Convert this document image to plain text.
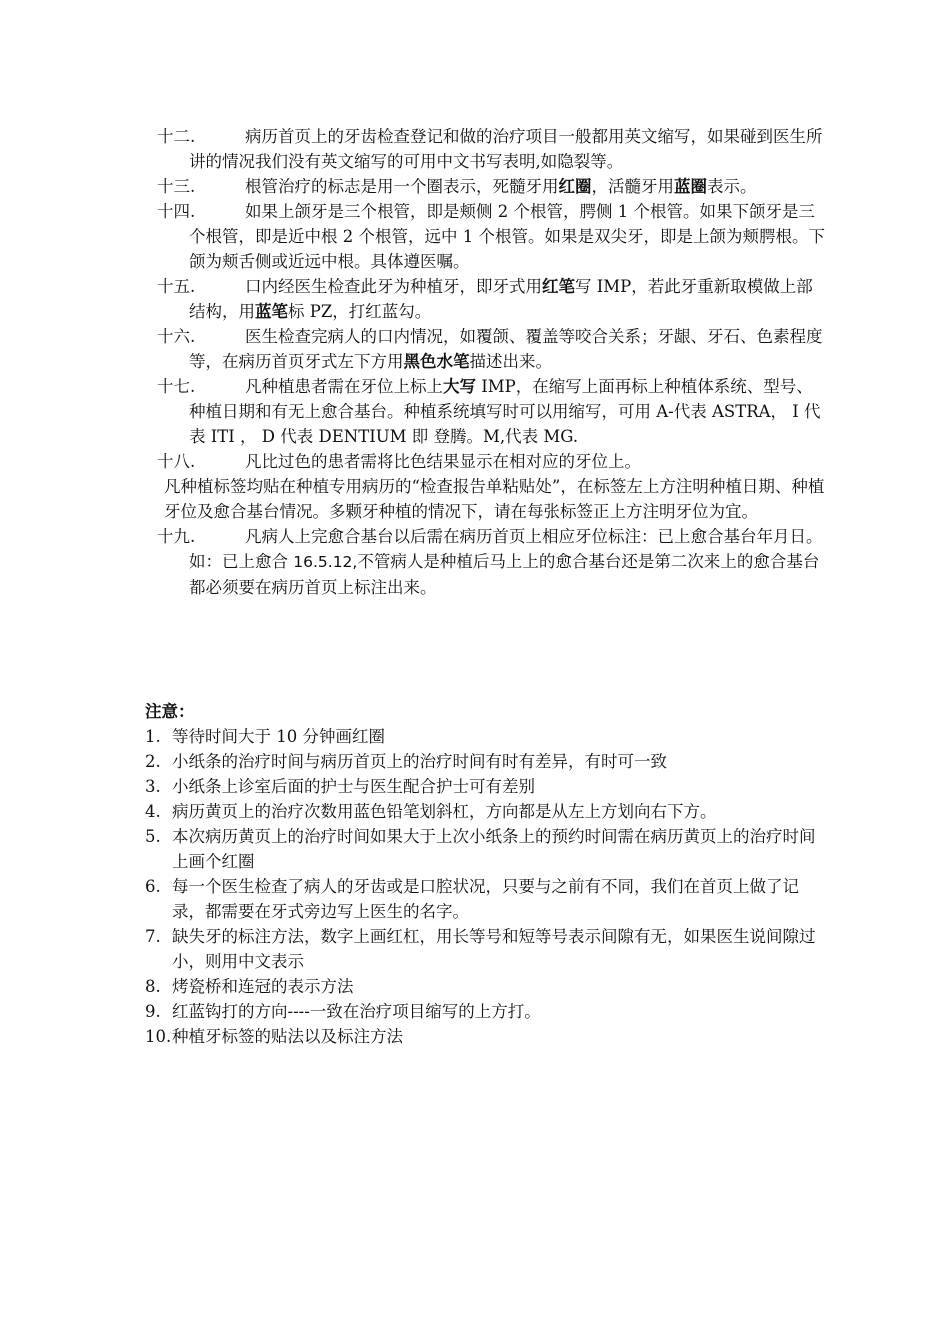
十二.	病历首页上的牙齿检查登记和做的治疗项目一般都用英文缩写，如果碰到医生所讲的情况我们没有英文缩写的可用中文书写表明,如隐裂等。
十三.	根管治疗的标志是用一个圈表示，死髓牙用红圈，活髓牙用蓝圈表示。
十四.	如果上颌牙是三个根管，即是颊侧 2 个根管，腭侧 1 个根管。如果下颌牙是三个根管，即是近中根 2 个根管，远中 1 个根管。如果是双尖牙，即是上颌为颊腭根。下颌为颊舌侧或近远中根。具体遵医嘱。
十五.	口内经医生检查此牙为种植牙，即牙式用红笔写 IMP，若此牙重新取模做上部结构，用蓝笔标 PZ，打红蓝勾。
十六.	医生检查完病人的口内情况，如覆颌、覆盖等咬合关系；牙龈、牙石、色素程度等，在病历首页牙式左下方用黑色水笔描述出来。
十七.	凡种植患者需在牙位上标上大写 IMP，在缩写上面再标上种植体系统、型号、种植日期和有无上愈合基台。种植系统填写时可以用缩写，可用 A-代表 ASTRA， I 代表 ITI ， D 代表 DENTIUM 即 登腾。M,代表 MG.
十八.	凡比过色的患者需将比色结果显示在相对应的牙位上。
凡种植标签均贴在种植专用病历的“检查报告单粘贴处”，在标签左上方注明种植日期、种植牙位及愈合基台情况。多颗牙种植的情况下，请在每张标签正上方注明牙位为宜。
十九.	凡病人上完愈合基台以后需在病历首页上相应牙位标注：已上愈合基台年月日。如：已上愈合 16.5.12,不管病人是种植后马上上的愈合基台还是第二次来上的愈合基台都必须要在病历首页上标注出来。
注意：
1. 等待时间大于 10 分钟画红圈
2. 小纸条的治疗时间与病历首页上的治疗时间有时有差异，有时可一致
3. 小纸条上诊室后面的护士与医生配合护士可有差别
4. 病历黄页上的治疗次数用蓝色铅笔划斜杠，方向都是从左上方划向右下方。
5. 本次病历黄页上的治疗时间如果大于上次小纸条上的预约时间需在病历黄页上的治疗时间上画个红圈
6. 每一个医生检查了病人的牙齿或是口腔状况，只要与之前有不同，我们在首页上做了记录，都需要在牙式旁边写上医生的名字。
7. 缺失牙的标注方法，数字上画红杠，用长等号和短等号表示间隙有无，如果医生说间隙过小，则用中文表示
8. 烤瓷桥和连冠的表示方法
9. 红蓝钩打的方向----一致在治疗项目缩写的上方打。
10. 种植牙标签的贴法以及标注方法
